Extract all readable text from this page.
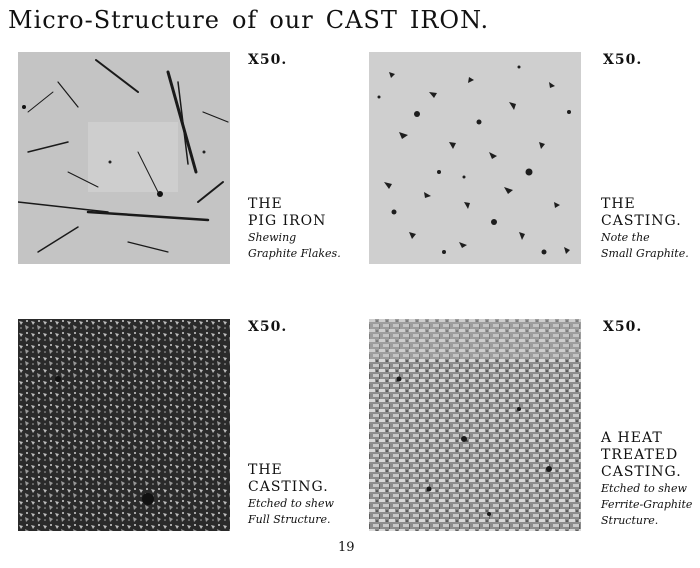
Micro-Structure of our CAST IRON.
X50.
THE
PIG IRON
Shewing
Graphite Flakes.
X50.
THE
CASTING.
Note the
Small Graphite.
X50.
THE
CASTING.
Etched to shew
Full Structure.
X50.
A HEAT
TREATED
CASTING.
Etched to shew
Ferrite-Graphite
Structure.
19
